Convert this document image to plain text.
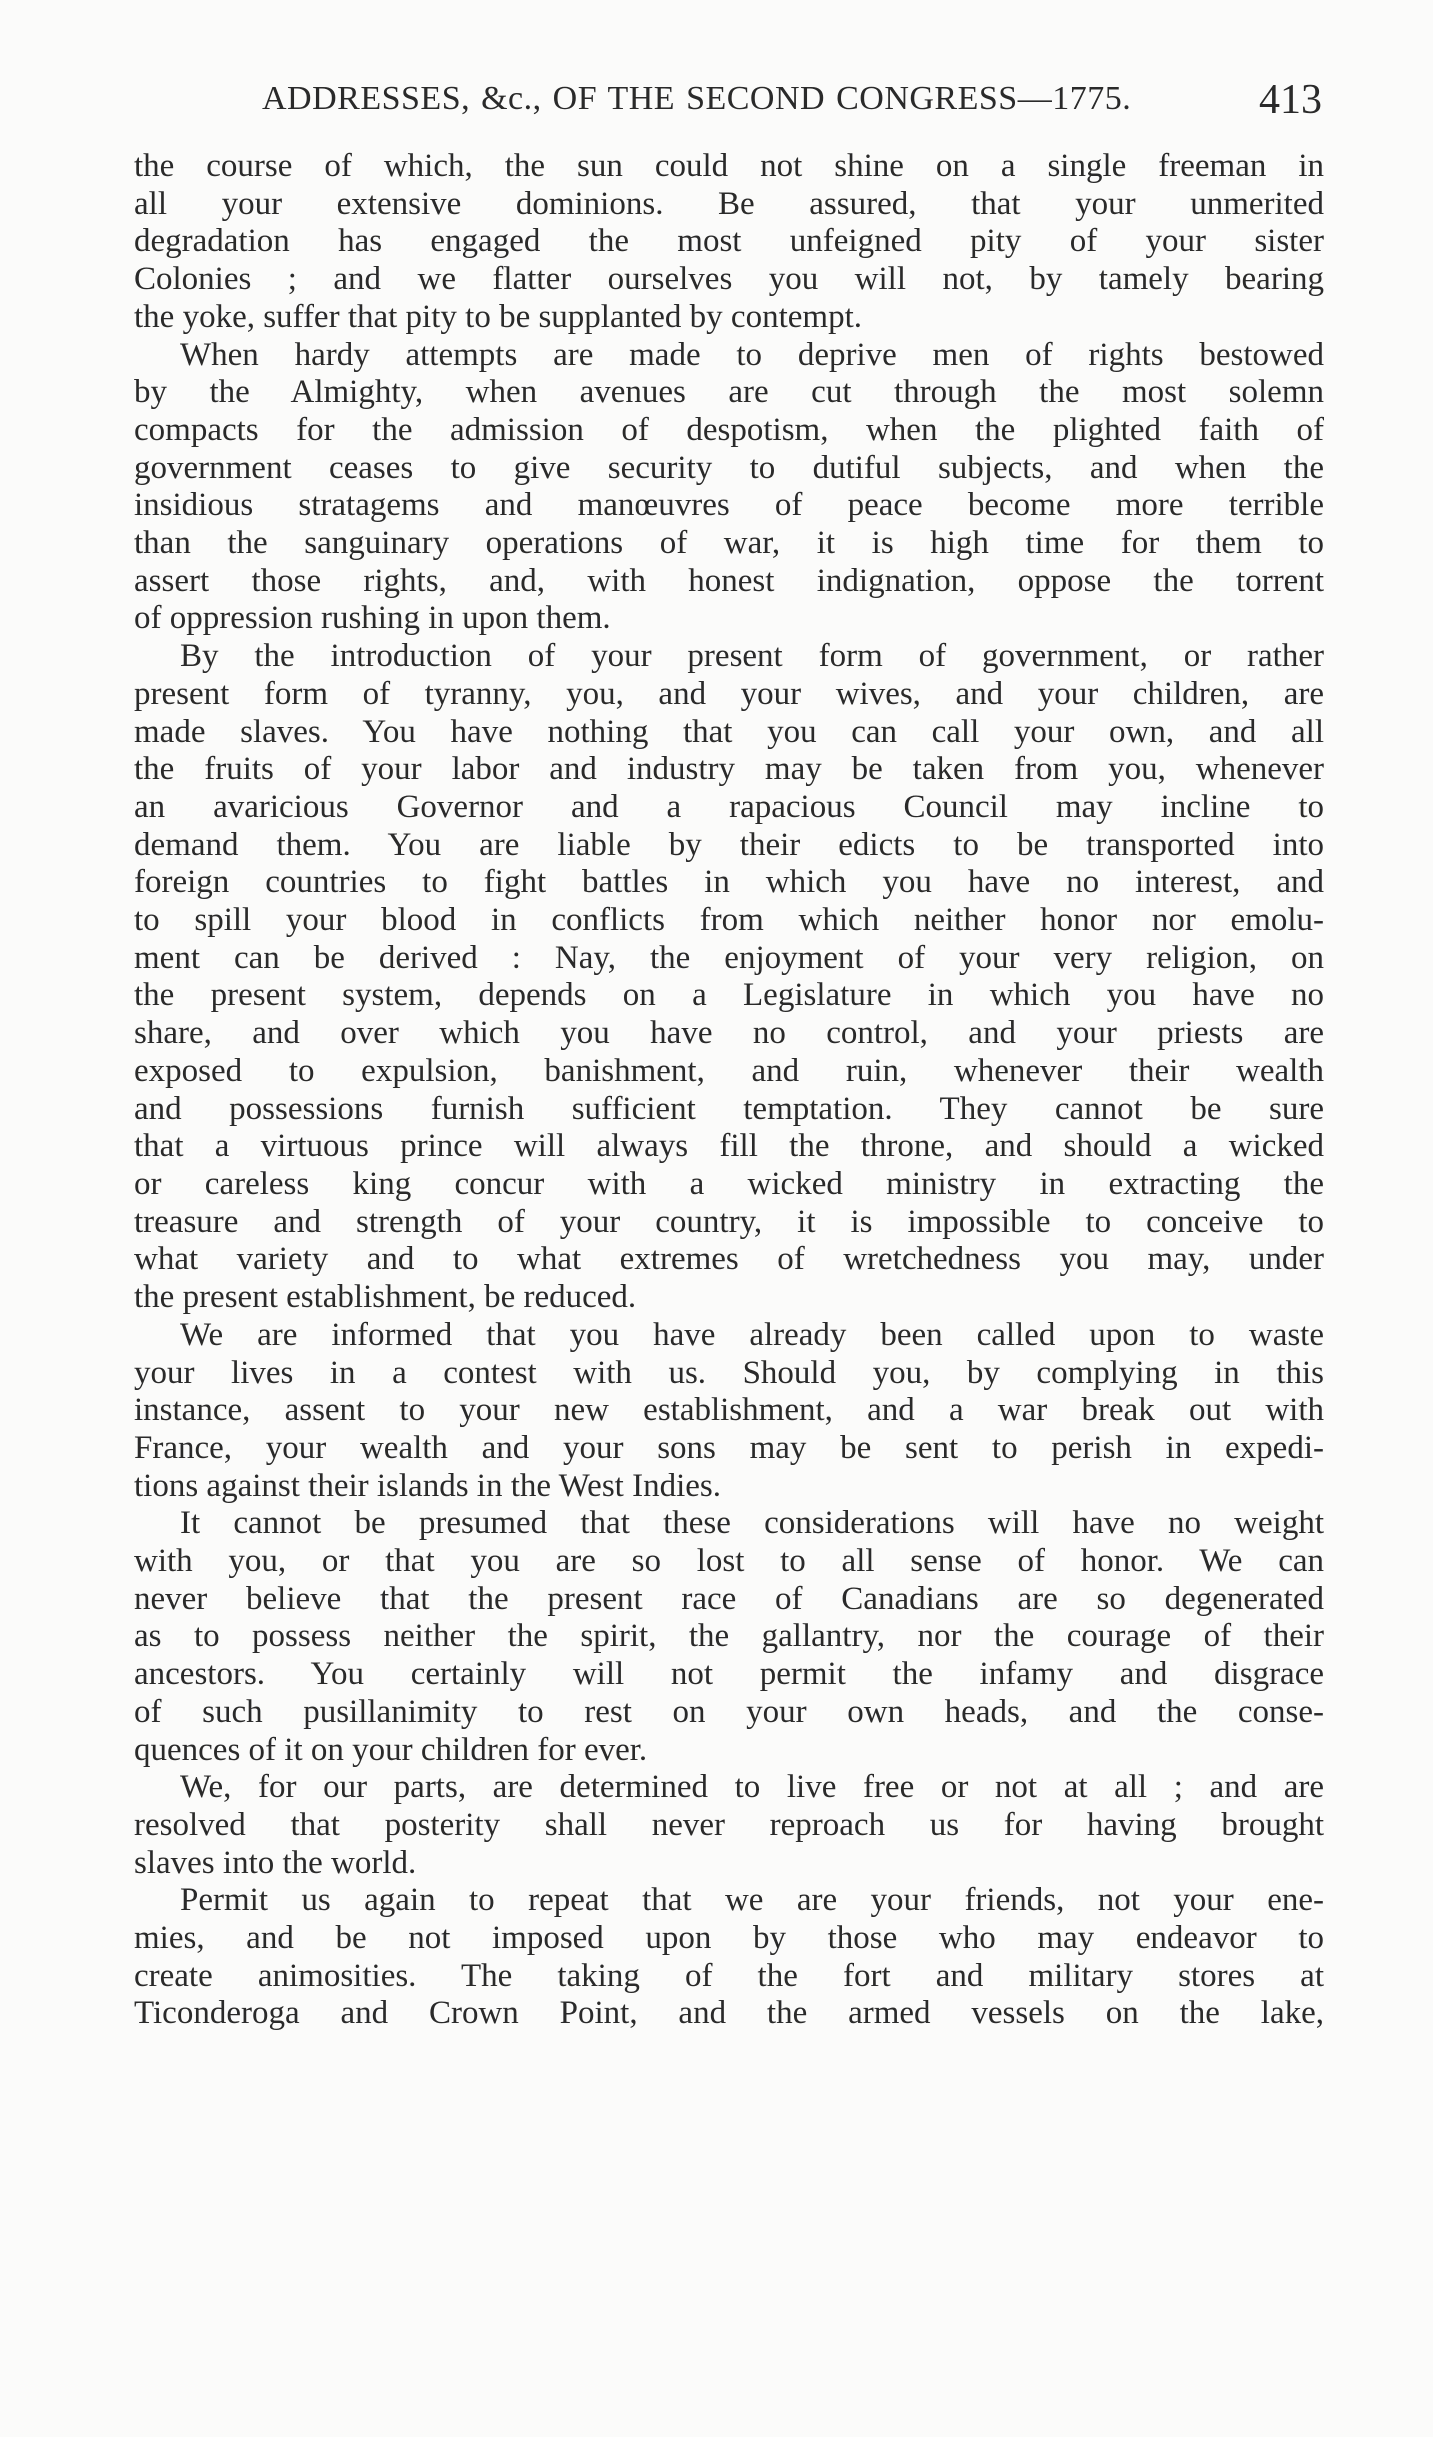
ADDRESSES, &c., OF THE SECOND CONGRESS—1775.	413
the course of which, the sun could not shine on a single freeman in
all your extensive dominions. Be assured, that your unmerited
degradation has engaged the most unfeigned pity of your sister
Colonies ; and we flatter ourselves you will not, by tamely bearing
the yoke, suffer that pity to be supplanted by contempt.
When hardy attempts are made to deprive men of rights bestowed
by the Almighty, when avenues are cut through the most solemn
compacts for the admission of despotism, when the plighted faith of
government ceases to give security to dutiful subjects, and when the
insidious stratagems and manœuvres of peace become more terrible
than the sanguinary operations of war, it is high time for them to
assert those rights, and, with honest indignation, oppose the torrent
of oppression rushing in upon them.
By the introduction of your present form of government, or rather
present form of tyranny, you, and your wives, and your children, are
made slaves. You have nothing that you can call your own, and all
the fruits of your labor and industry may be taken from you, whenever
an avaricious Governor and a rapacious Council may incline to
demand them. You are liable by their edicts to be transported into
foreign countries to fight battles in which you have no interest, and
to spill your blood in conflicts from which neither honor nor emolu-
ment can be derived : Nay, the enjoyment of your very religion, on
the present system, depends on a Legislature in which you have no
share, and over which you have no control, and your priests are
exposed to expulsion, banishment, and ruin, whenever their wealth
and possessions furnish sufficient temptation. They cannot be sure
that a virtuous prince will always fill the throne, and should a wicked
or careless king concur with a wicked ministry in extracting the
treasure and strength of your country, it is impossible to conceive to
what variety and to what extremes of wretchedness you may, under
the present establishment, be reduced.
We are informed that you have already been called upon to waste
your lives in a contest with us. Should you, by complying in this
instance, assent to your new establishment, and a war break out with
France, your wealth and your sons may be sent to perish in expedi-
tions against their islands in the West Indies.
It cannot be presumed that these considerations will have no weight
with you, or that you are so lost to all sense of honor. We can
never believe that the present race of Canadians are so degenerated
as to possess neither the spirit, the gallantry, nor the courage of their
ancestors. You certainly will not permit the infamy and disgrace
of such pusillanimity to rest on your own heads, and the conse-
quences of it on your children for ever.
We, for our parts, are determined to live free or not at all ; and are
resolved that posterity shall never reproach us for having brought
slaves into the world.
Permit us again to repeat that we are your friends, not your ene-
mies, and be not imposed upon by those who may endeavor to
create animosities. The taking of the fort and military stores at
Ticonderoga and Crown Point, and the armed vessels on the lake,
